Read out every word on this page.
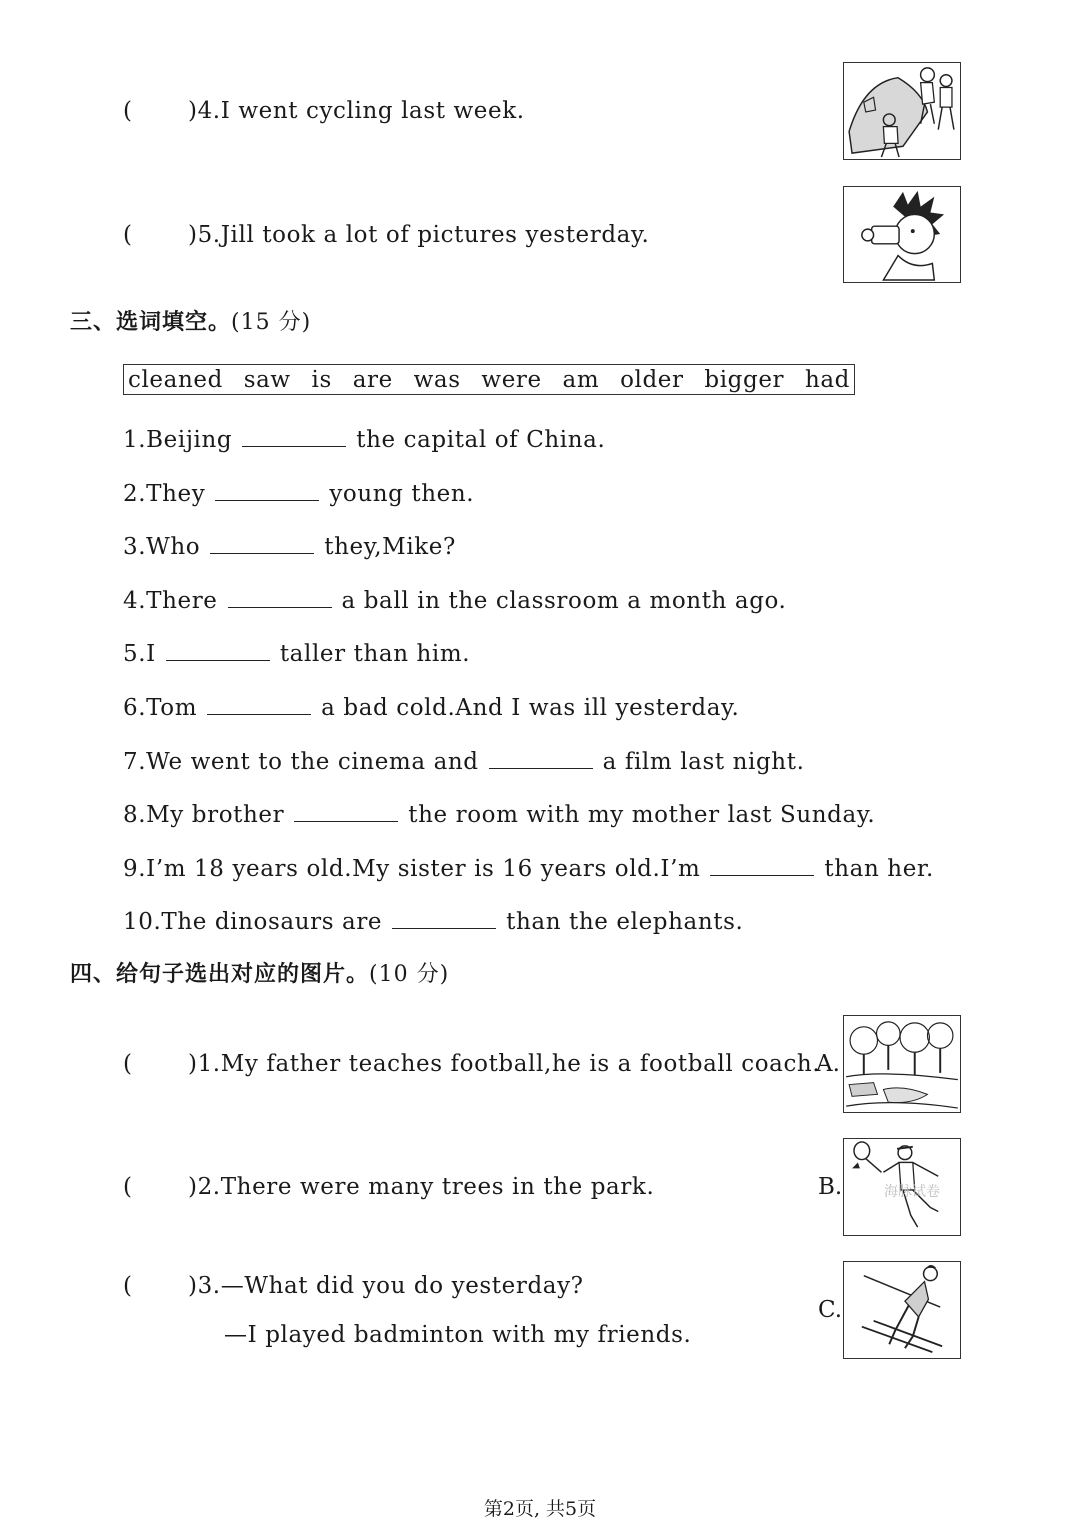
( )4.I went cycling last week.
( )5.Jill took a lot of pictures yesterday.
三、选词填空。(15 分)
cleaned saw is are was were am older bigger had
1.Beijing	the capital of China.
2.They	young then.
3.Who	they,Mike?
4.There	a ball in the classroom a month ago.
5.I	taller than him.
6.Tom	a bad cold.And I was ill yesterday.
7.We went to the cinema and	a film last night.
8.My brother	the room with my mother last Sunday.
9.I’m 18 years old.My sister is 16 years old.I’m	than her.
10.The dinosaurs are	than the elephants.
四、给句子选出对应的图片。(10 分)
( )1.My father teaches football,he is a football coach.
( )2.There were many trees in the park.
( )3.—What did you do yesterday?
—I played badminton with my friends.
A.
B.	海脉试卷
C.
第2页, 共5页
